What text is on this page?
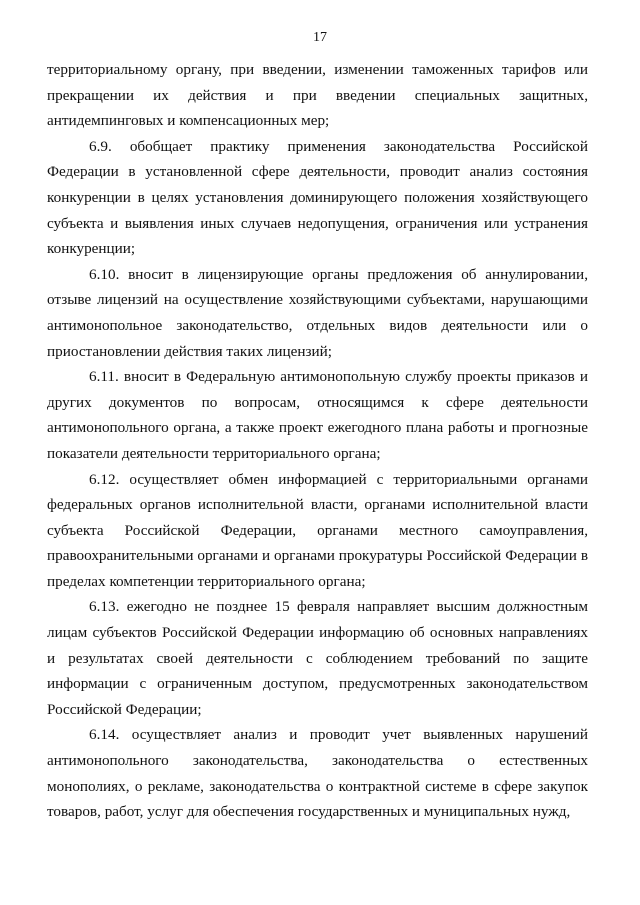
17

территориальному органу, при введении, изменении таможенных тарифов или прекращении их действия и при введении специальных защитных, антидемпинговых и компенсационных мер;

6.9. обобщает практику применения законодательства Российской Федерации в установленной сфере деятельности, проводит анализ состояния конкуренции в целях установления доминирующего положения хозяйствующего субъекта и выявления иных случаев недопущения, ограничения или устранения конкуренции;

6.10. вносит в лицензирующие органы предложения об аннулировании, отзыве лицензий на осуществление хозяйствующими субъектами, нарушающими антимонопольное законодательство, отдельных видов деятельности или о приостановлении действия таких лицензий;

6.11. вносит в Федеральную антимонопольную службу проекты приказов и других документов по вопросам, относящимся к сфере деятельности антимонопольного органа, а также проект ежегодного плана работы и прогнозные показатели деятельности территориального органа;

6.12. осуществляет обмен информацией с территориальными органами федеральных органов исполнительной власти, органами исполнительной власти субъекта Российской Федерации, органами местного самоуправления, правоохранительными органами и органами прокуратуры Российской Федерации в пределах компетенции территориального органа;

6.13. ежегодно не позднее 15 февраля направляет высшим должностным лицам субъектов Российской Федерации информацию об основных направлениях и результатах своей деятельности с соблюдением требований по защите информации с ограниченным доступом, предусмотренных законодательством Российской Федерации;

6.14. осуществляет анализ и проводит учет выявленных нарушений антимонопольного законодательства, законодательства о естественных монополиях, о рекламе, законодательства о контрактной системе в сфере закупок товаров, работ, услуг для обеспечения государственных и муниципальных нужд,
